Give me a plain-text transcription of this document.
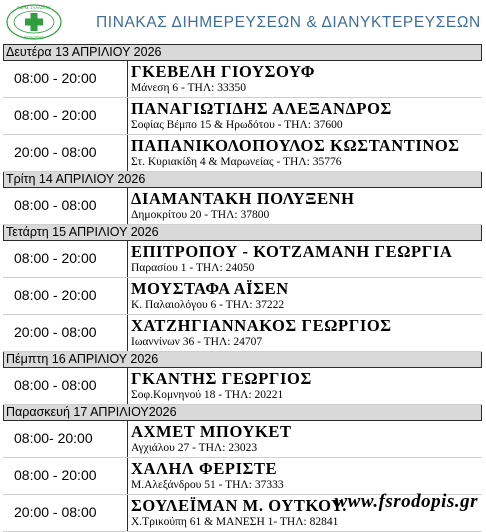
ΦΑΡΜ. ΣΥΛΛΟΓΟΣ
ΡΟΔΟΠΗΣ
ΠΙΝΑΚΑΣ ΔΙΗΜΕΡΕΥΣΕΩΝ & ΔΙΑΝΥΚΤΕΡΕΥΣΕΩΝ
Δευτέρα 13 ΑΠΡΙΛΙΟΥ 2026
08:00 - 20:00 ΓΚΕΒΕΛΗ ΓΙΟΥΣΟΥΦ
Μάνεση 6 - ΤΗΛ: 33350
08:00 - 20:00 ΠΑΝΑΓΙΩΤΙΔΗΣ ΑΛΕΞΑΝΔΡΟΣ
Σοφίας Βέμπο 15 & Ηρωδότου - ΤΗΛ: 37600
20:00 - 08:00 ΠΑΠΑΝΙΚΟΛΟΠΟΥΛΟΣ ΚΩΣΤΑΝΤΙΝΟΣ
Στ. Κυριακίδη 4 & Μαρωνείας - ΤΗΛ: 35776
Τρίτη 14 ΑΠΡΙΛΙΟΥ 2026
08:00 - 08:00 ΔΙΑΜΑΝΤΑΚΗ ΠΟΛΥΞΕΝΗ
Δημοκρίτου 20 - ΤΗΛ: 37800
Τετάρτη 15 ΑΠΡΙΛΙΟΥ 2026
08:00 - 20:00 ΕΠΙΤΡΟΠΟΥ - ΚΟΤΖΑΜΑΝΗ ΓΕΩΡΓΙΑ
Παρασίου 1 - ΤΗΛ: 24050
08:00 - 20:00 ΜΟΥΣΤΑΦΑ ΑΪΣΕΝ
Κ. Παλαιολόγου 6 - ΤΗΛ: 37222
20:00 - 08:00 ΧΑΤΖΗΓΙΑΝΝΑΚΟΣ ΓΕΩΡΓΙΟΣ
Ιωαννίνων 36 - ΤΗΛ: 24707
Πέμπτη 16 ΑΠΡΙΛΙΟΥ 2026
08:00 - 08:00 ΓΚΑΝΤΗΣ ΓΕΩΡΓΙΟΣ
Σοφ.Κομνηνού 18 - ΤΗΛ: 20221
Παρασκευή 17 ΑΠΡΙΛΙΟΥ2026
08:00- 20:00 ΑΧΜΕΤ ΜΠΟΥΚΕΤ
Αγχιάλου 27 - ΤΗΛ: 23023
08:00 - 20:00 ΧΑΛΗΛ ΦΕΡΙΣΤΕ
Μ.Αλεξάνδρου 51 - ΤΗΛ: 37333
20:00 - 08:00 ΣΟΥΛΕΪΜΑΝ Μ. ΟΥΤΚΟΥ.
Χ.Τρικούπη 61 & ΜΑΝΕΣΗ 1- ΤΗΛ: 82841
www.fsrodopis.gr
